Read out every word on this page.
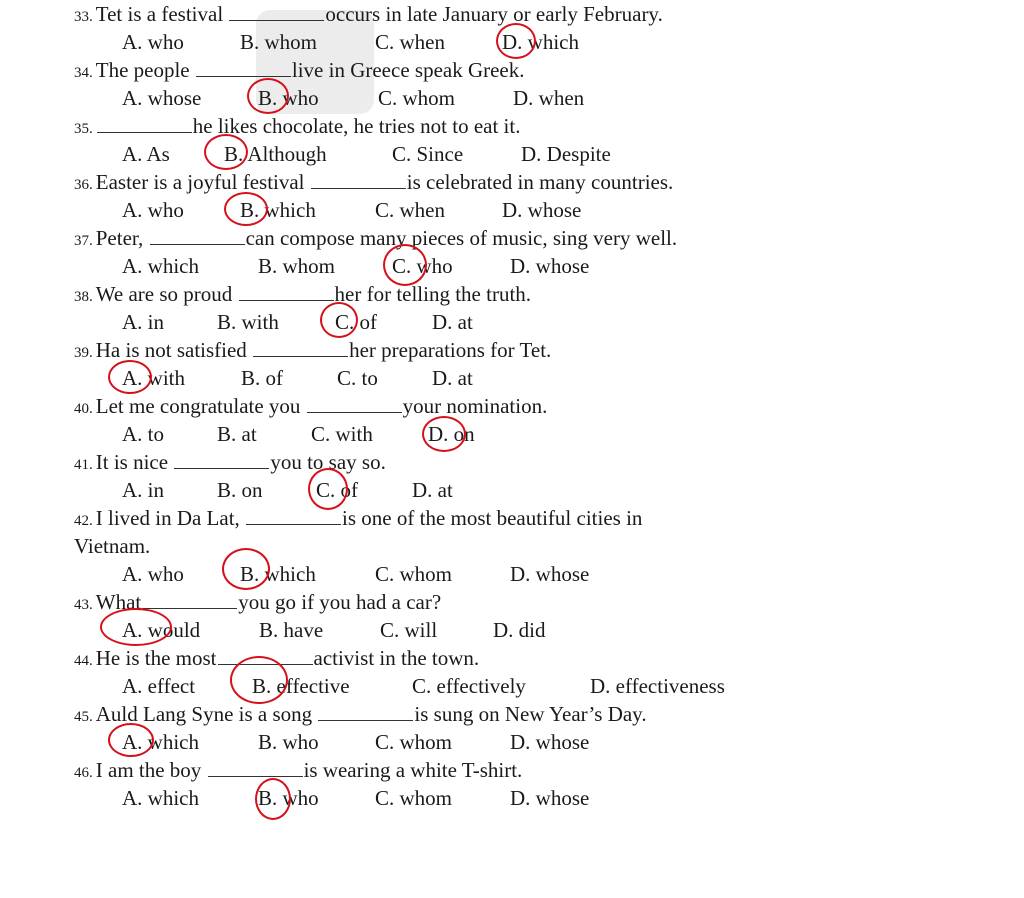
33. Tet is a festival	occurs in late January or early February.
A. who	B. whom	C. when	D. which
34. The people	live in Greece speak Greek.
A. whose	B. who	C. whom	D. when
35.	he likes chocolate, he tries not to eat it.
A. As	B. Although	C. Since	D. Despite
36. Easter is a joyful festival	is celebrated in many countries.
A. who	B. which	C. when	D. whose
37. Peter,	can compose many pieces of music, sing very well.
A. which	B. whom	C. who	D. whose
38. We are so proud	her for telling the truth.
A. in	B. with	C. of	D. at
39. Ha is not satisfied	her preparations for Tet.
A. with	B. of	C. to	D. at
40. Let me congratulate you	your nomination.
A. to	B. at	C. with	D. on
41. It is nice	you to say so.
A. in	B. on	C. of	D. at
42. I lived in Da Lat,	is one of the most beautiful cities in
Vietnam.
A. who	B. which	C. whom	D. whose
43. What	you go if you had a car?
A. would	B. have	C. will	D. did
44. He is the most	activist in the town.
A. effect	B. effective	C. effectively	D. effectiveness
45. Auld Lang Syne is a song	is sung on New Year’s Day.
A. which	B. who	C. whom	D. whose
46. I am the boy	is wearing a white T-shirt.
A. which	B. who	C. whom	D. whose
